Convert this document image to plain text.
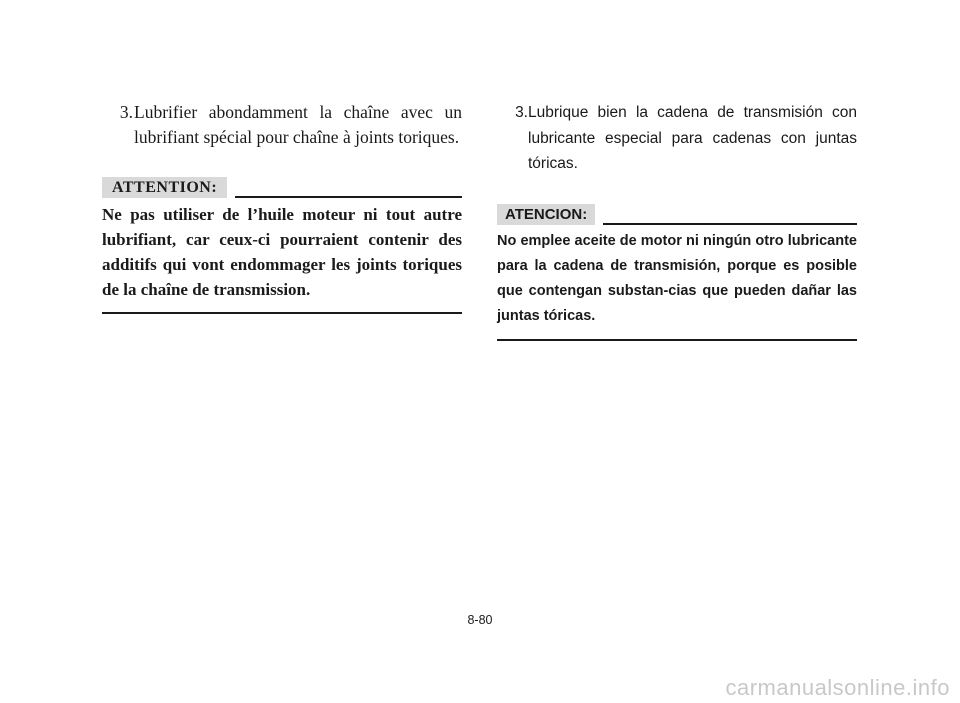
3. Lubrifier abondamment la chaîne avec un lubrifiant spécial pour chaîne à joints toriques.
ATTENTION:
Ne pas utiliser de l’huile moteur ni tout autre lubrifiant, car ceux-ci pourraient contenir des additifs qui vont endommager les joints toriques de la chaîne de transmission.
3. Lubrique bien la cadena de transmisión con lubricante especial para cadenas con juntas tóricas.
ATENCION:
No emplee aceite de motor ni ningún otro lubricante para la cadena de transmisión, porque es posible que contengan substan-cias que pueden dañar las juntas tóricas.
8-80
carmanualsonline.info
